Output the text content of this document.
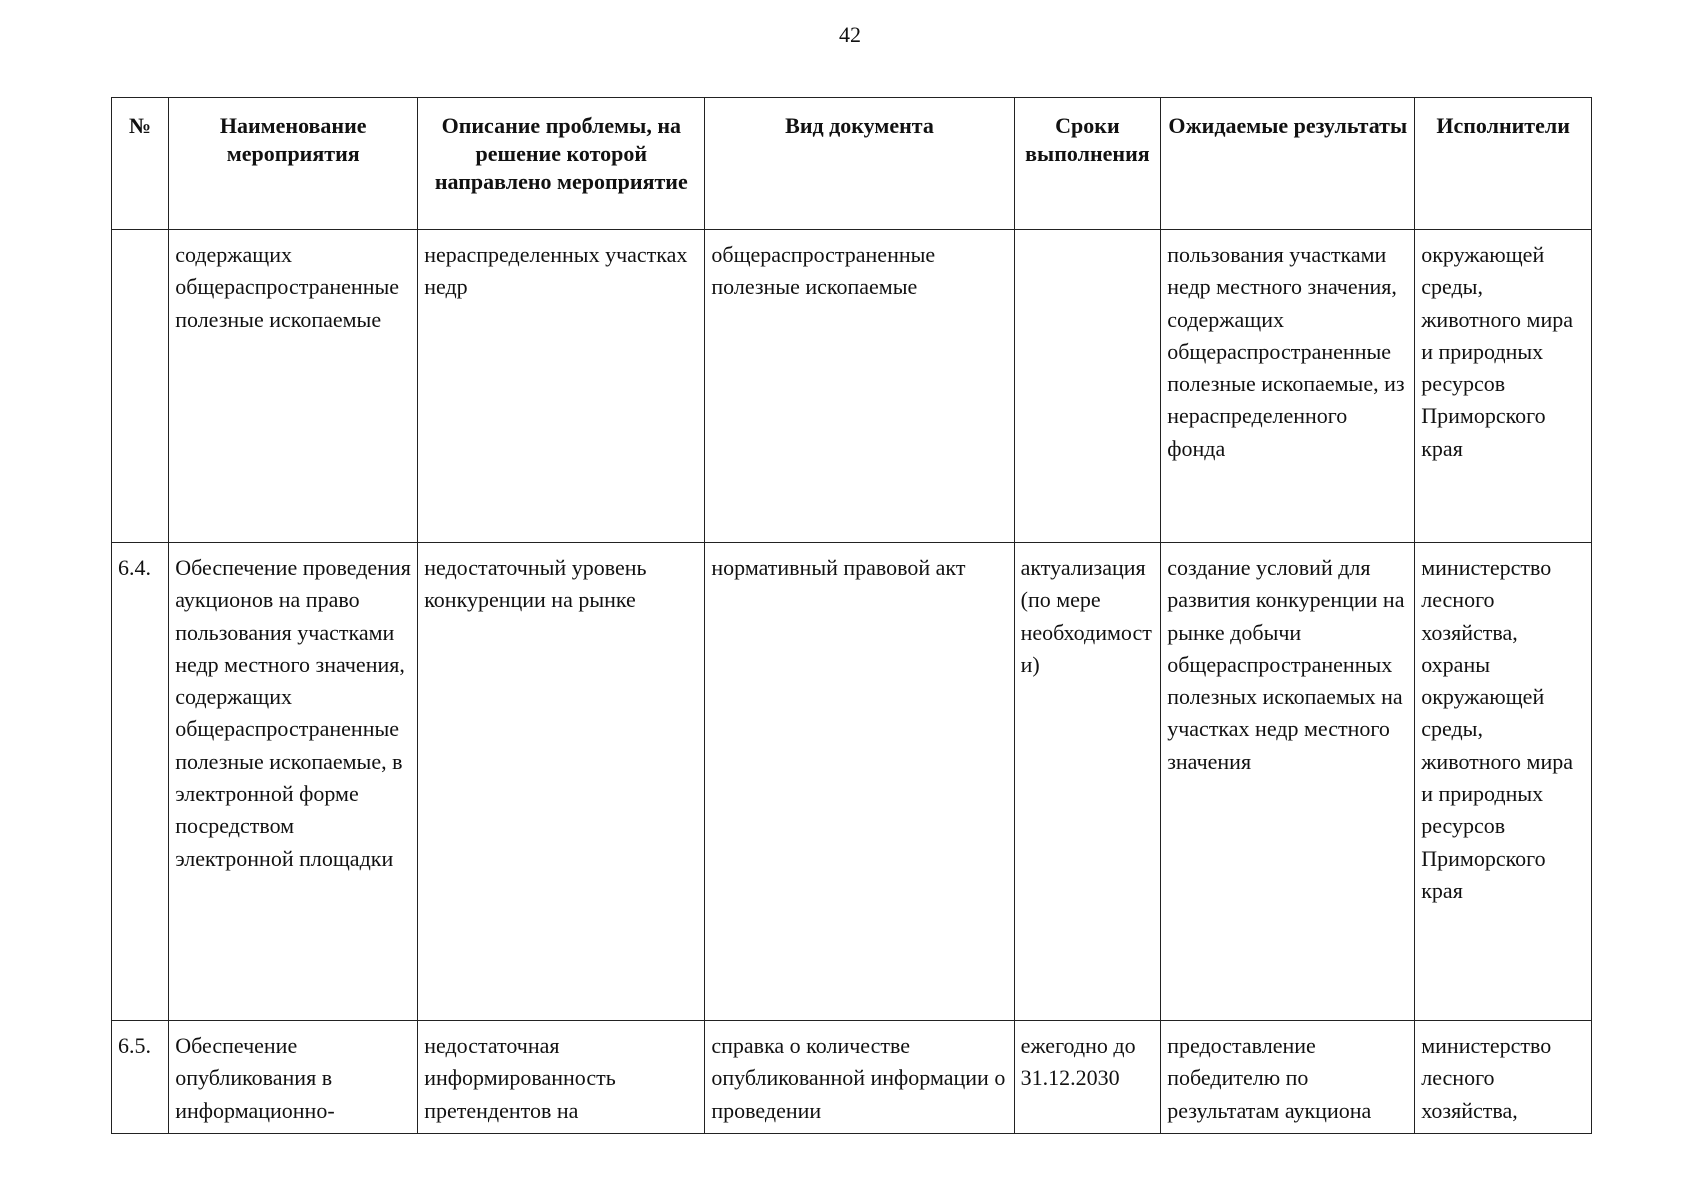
42
№	Наименование мероприятия	Описание проблемы, на решение которой направлено мероприятие	Вид документа	Сроки выполнения	Ожидаемые результаты	Исполнители
	содержащих общераспространенные полезные ископаемые	нераспределенных участках недр	общераспространенные полезные ископаемые		пользования участками недр местного значения, содержащих общераспространенные полезные ископаемые, из нераспределенного фонда	окружающей среды, животного мира и природных ресурсов Приморского края
6.4.	Обеспечение проведения аукционов на право пользования участками недр местного значения, содержащих общераспространенные полезные ископаемые, в электронной форме посредством электронной площадки	недостаточный уровень конкуренции на рынке	нормативный правовой акт	актуализация (по мере необходимости)	создание условий для развития конкуренции на рынке добычи общераспространенных полезных ископаемых на участках недр местного значения	министерство лесного хозяйства, охраны окружающей среды, животного мира и природных ресурсов Приморского края
6.5.	Обеспечение опубликования в информационно-	недостаточная информированность претендентов на	справка о количестве опубликованной информации о проведении	ежегодно до 31.12.2030	предоставление победителю по результатам аукциона	министерство лесного хозяйства,
